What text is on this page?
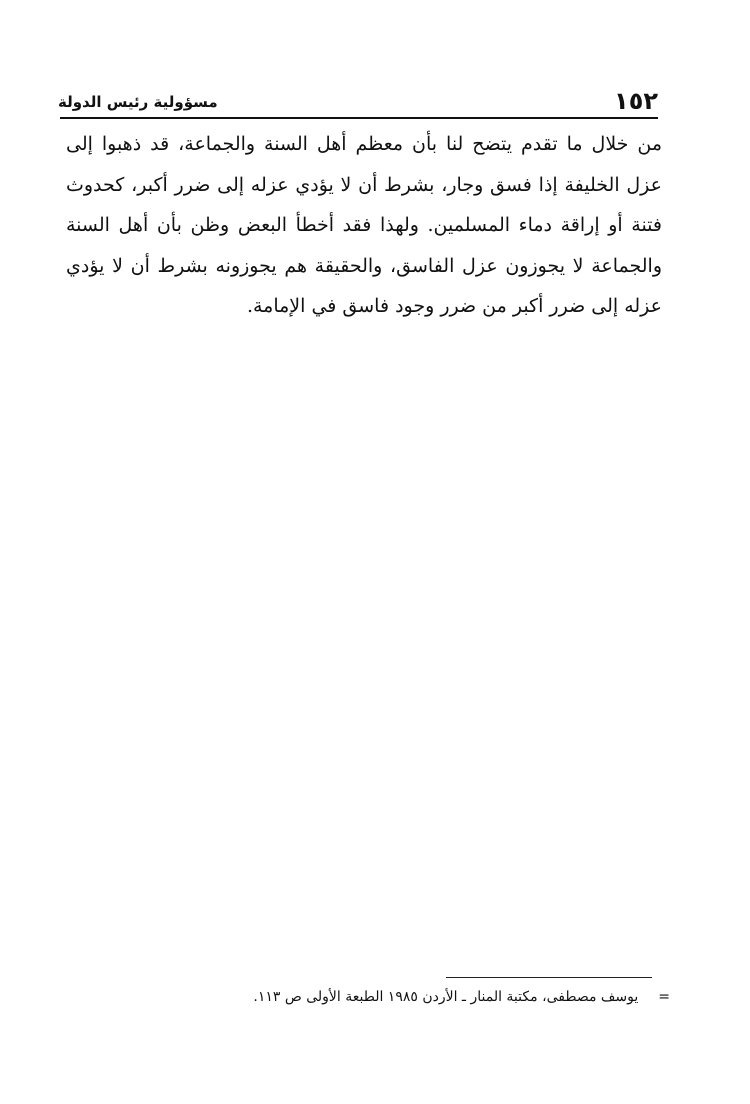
١٥٢
مسؤولية رئيس الدولة

من خلال ما تقدم يتضح لنا بأن معظم أهل السنة والجماعة، قد ذهبوا إلى عزل الخليفة إذا فسق وجار، بشرط أن لا يؤدي عزله إلى ضرر أكبر، كحدوث فتنة أو إراقة دماء المسلمين. ولهذا فقد أخطأ البعض وظن بأن أهل السنة والجماعة لا يجوزون عزل الفاسق، والحقيقة هم يجوزونه بشرط أن لا يؤدي عزله إلى ضرر أكبر من ضرر وجود فاسق في الإمامة.

=
يوسف مصطفى، مكتبة المنار ـ الأردن ١٩٨٥ الطبعة الأولى ص ١١٣.
